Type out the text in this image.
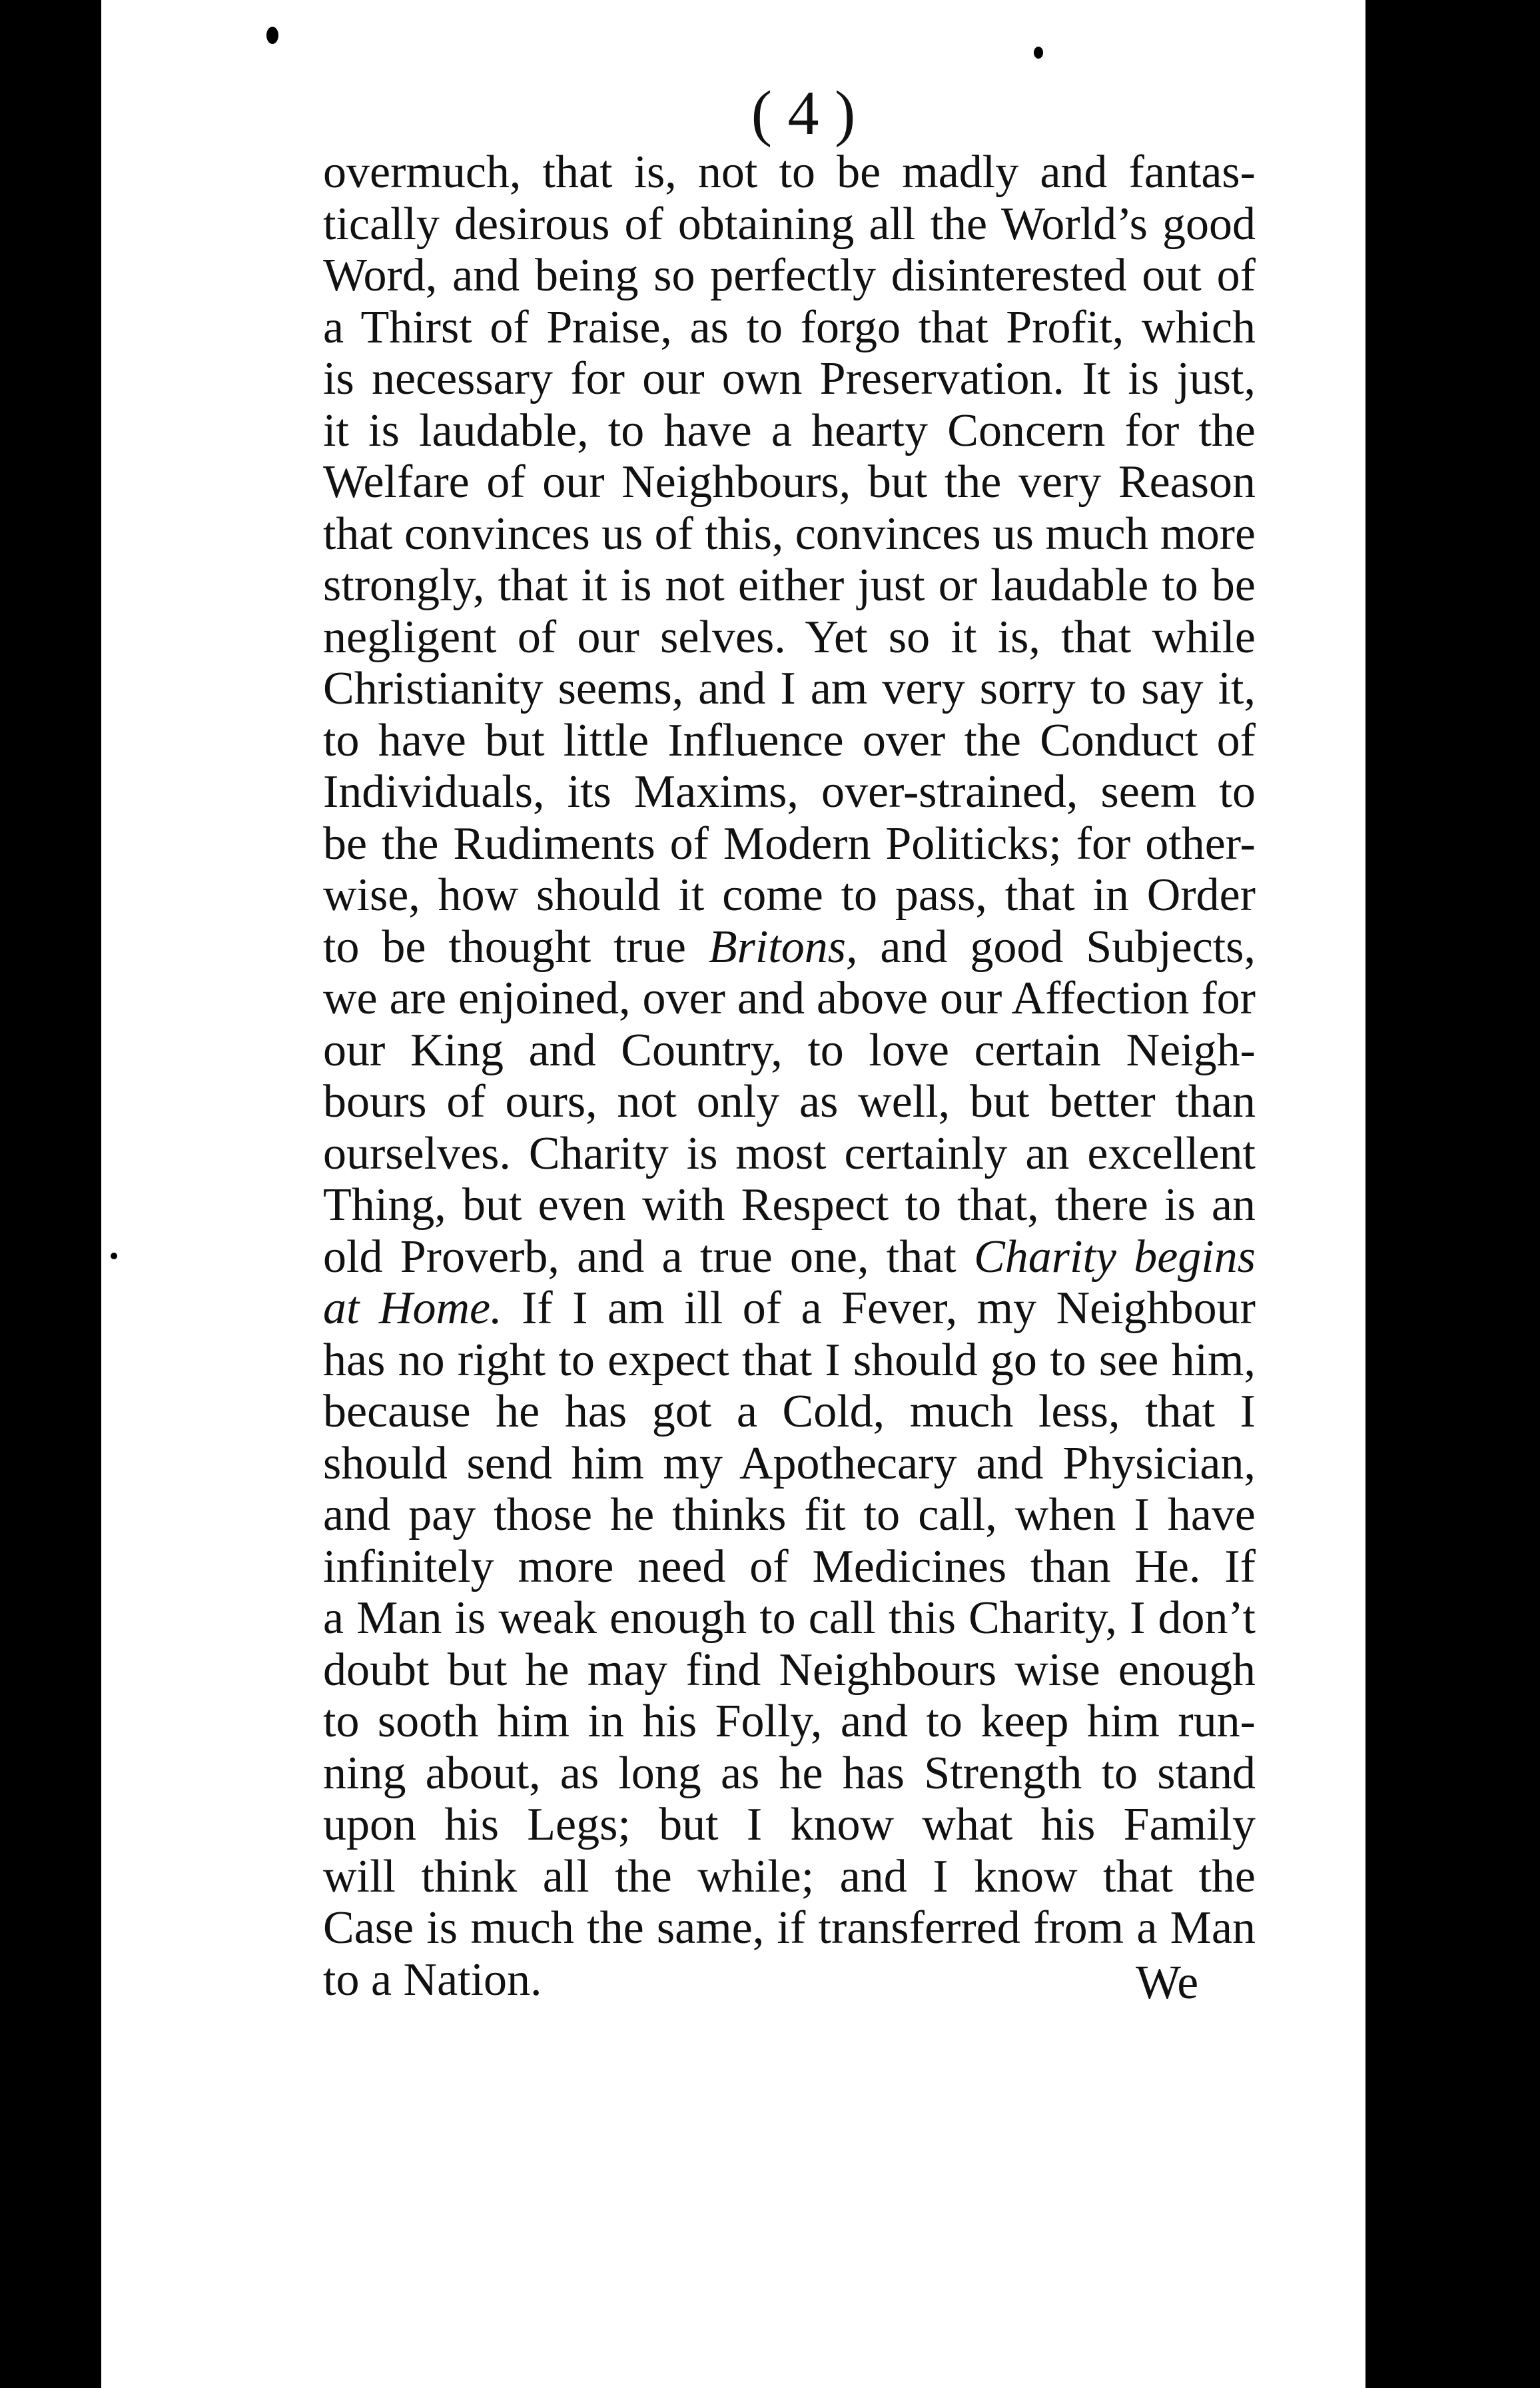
( 4 )
overmuch, that is, not to be madly and fantas-
tically desirous of obtaining all the World’s good
Word, and being so perfectly disinterested out of
a Thirst of Praise, as to forgo that Profit, which
is necessary for our own Preservation. It is just,
it is laudable, to have a hearty Concern for the
Welfare of our Neighbours, but the very Reason
that convinces us of this, convinces us much more
strongly, that it is not either just or laudable to be
negligent of our selves. Yet so it is, that while
Christianity seems, and I am very sorry to say it,
to have but little Influence over the Conduct of
Individuals, its Maxims, over-strained, seem to
be the Rudiments of Modern Politicks; for other-
wise, how should it come to pass, that in Order
to be thought true Britons, and good Subjects,
we are enjoined, over and above our Affection for
our King and Country, to love certain Neigh-
bours of ours, not only as well, but better than
ourselves. Charity is most certainly an excellent
Thing, but even with Respect to that, there is an
old Proverb, and a true one, that Charity begins
at Home. If I am ill of a Fever, my Neighbour
has no right to expect that I should go to see him,
because he has got a Cold, much less, that I
should send him my Apothecary and Physician,
and pay those he thinks fit to call, when I have
infinitely more need of Medicines than He. If
a Man is weak enough to call this Charity, I don’t
doubt but he may find Neighbours wise enough
to sooth him in his Folly, and to keep him run-
ning about, as long as he has Strength to stand
upon his Legs; but I know what his Family
will think all the while; and I know that the
Case is much the same, if transferred from a Man
to a Nation.	We
